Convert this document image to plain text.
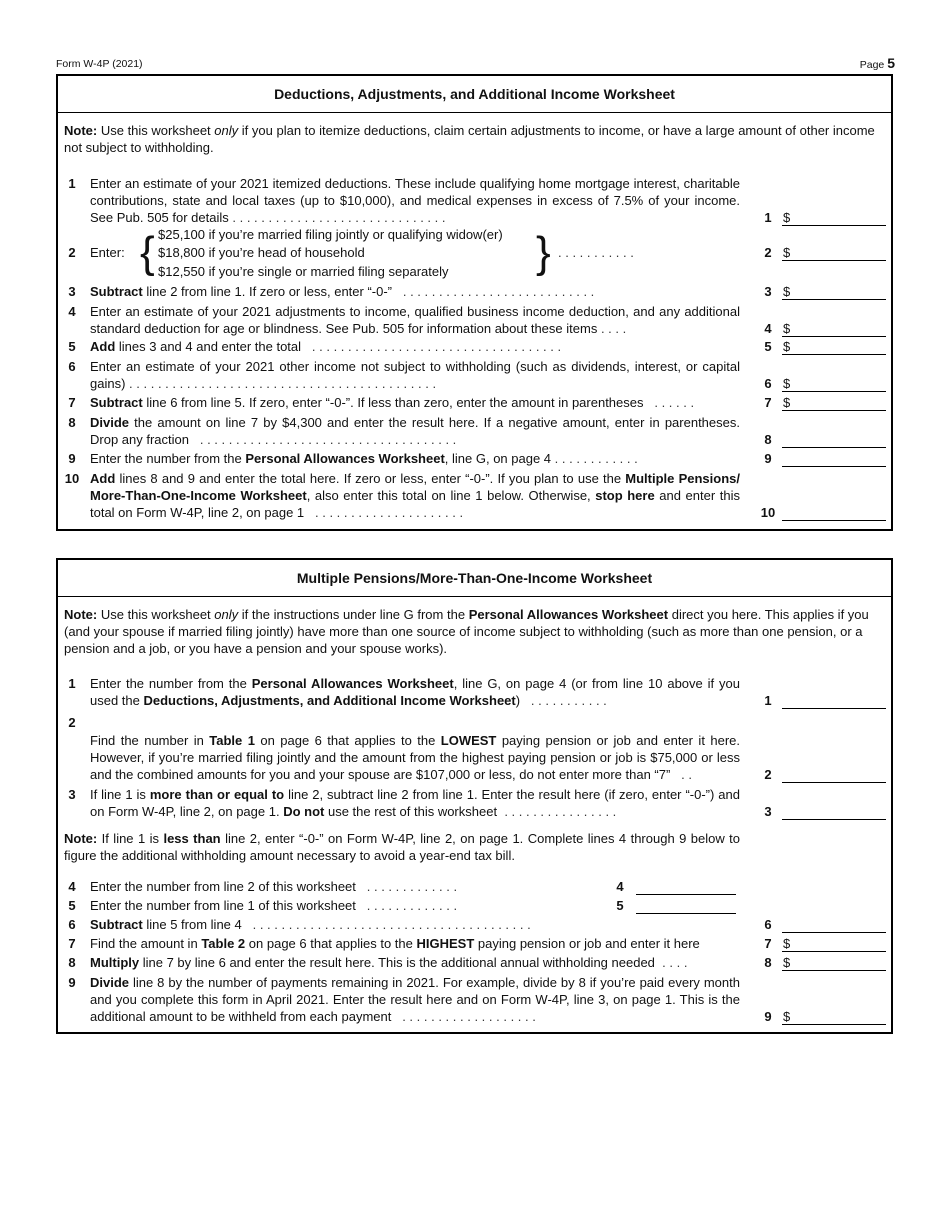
Form W-4P (2021)	Page 5
Deductions, Adjustments, and Additional Income Worksheet
Note: Use this worksheet only if you plan to itemize deductions, claim certain adjustments to income, or have a large amount of other income not subject to withholding.
1	Enter an estimate of your 2021 itemized deductions. These include qualifying home mortgage interest, charitable contributions, state and local taxes (up to $10,000), and medical expenses in excess of 7.5% of your income. See Pub. 505 for details . . . . . . . . . . . . . . . . . . . . . . . . . . . . . .	1 $
2	Enter: { $25,100 if you’re married filing jointly or qualifying widow(er)
$18,800 if you’re head of household
$12,550 if you’re single or married filing separately } . . . . . . . . . . .	2 $
3	Subtract line 2 from line 1. If zero or less, enter “-0-”   . . . . . . . . . . . . . . . . . . . . . . . . . . .	3 $
4	Enter an estimate of your 2021 adjustments to income, qualified business income deduction, and any additional standard deduction for age or blindness. See Pub. 505 for information about these items . . . .	4 $
5	Add lines 3 and 4 and enter the total   . . . . . . . . . . . . . . . . . . . . . . . . . . . . . . . . . . .	5 $
6	Enter an estimate of your 2021 other income not subject to withholding (such as dividends, interest, or capital gains) . . . . . . . . . . . . . . . . . . . . . . . . . . . . . . . . . . . . . . . . . . .	6 $
7	Subtract line 6 from line 5. If zero, enter “-0-”. If less than zero, enter the amount in parentheses   . . . . . .	7 $
8	Divide the amount on line 7 by $4,300 and enter the result here. If a negative amount, enter in parentheses. Drop any fraction   . . . . . . . . . . . . . . . . . . . . . . . . . . . . . . . . . . . .	8
9	Enter the number from the Personal Allowances Worksheet, line G, on page 4 . . . . . . . . . . . .	9
10 Add lines 8 and 9 and enter the total here. If zero or less, enter “-0-”. If you plan to use the Multiple Pensions/ More-Than-One-Income Worksheet, also enter this total on line 1 below. Otherwise, stop here and enter this total on Form W-4P, line 2, on page 1   . . . . . . . . . . . . . . . . . . . . .	10
Multiple Pensions/More-Than-One-Income Worksheet
Note: Use this worksheet only if the instructions under line G from the Personal Allowances Worksheet direct you here. This applies if you (and your spouse if married filing jointly) have more than one source of income subject to withholding (such as more than one pension, or a pension and a job, or you have a pension and your spouse works).
1	Enter the number from the Personal Allowances Worksheet, line G, on page 4 (or from line 10 above if you used the Deductions, Adjustments, and Additional Income Worksheet)   . . . . . . . . . . .	1
2
Find the number in Table 1 on page 6 that applies to the LOWEST paying pension or job and enter it here. However, if you’re married filing jointly and the amount from the highest paying pension or job is $75,000 or less and the combined amounts for you and your spouse are $107,000 or less, do not enter more than “7”   . .	2
3	If line 1 is more than or equal to line 2, subtract line 2 from line 1. Enter the result here (if zero, enter “-0-”) and on Form W-4P, line 2, on page 1. Do not use the rest of this worksheet  . . . . . . . . . . . . . . . .	3
Note: If line 1 is less than line 2, enter “-0-” on Form W-4P, line 2, on page 1. Complete lines 4 through 9 below to figure the additional withholding amount necessary to avoid a year-end tax bill.
4	Enter the number from line 2 of this worksheet   . . . . . . . . . . . . .	4
5	Enter the number from line 1 of this worksheet   . . . . . . . . . . . . .	5
6	Subtract line 5 from line 4   . . . . . . . . . . . . . . . . . . . . . . . . . . . . . . . . . . . . . . .	6
7	Find the amount in Table 2 on page 6 that applies to the HIGHEST paying pension or job and enter it here	7 $
8	Multiply line 7 by line 6 and enter the result here. This is the additional annual withholding needed  . . . .	8 $
9	Divide line 8 by the number of payments remaining in 2021. For example, divide by 8 if you’re paid every month and you complete this form in April 2021. Enter the result here and on Form W-4P, line 3, on page 1. This is the additional amount to be withheld from each payment   . . . . . . . . . . . . . . . . . . .	9 $
